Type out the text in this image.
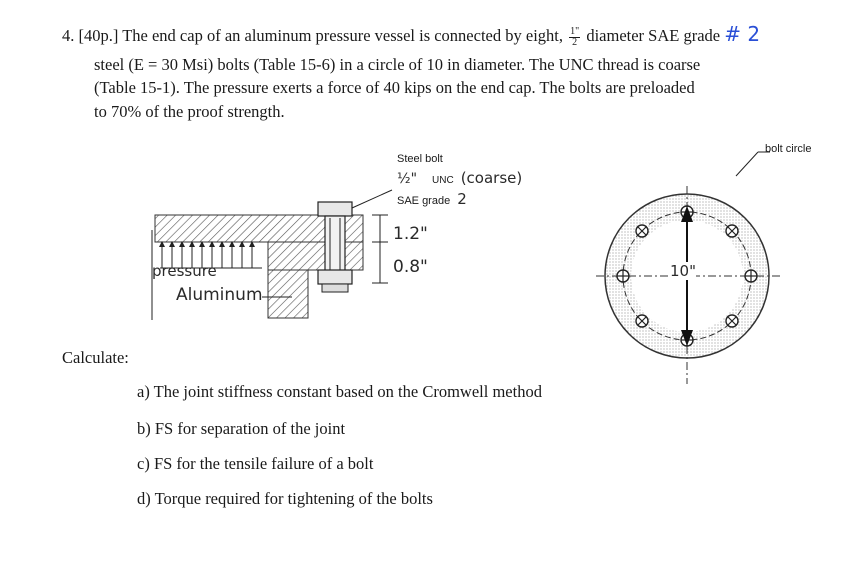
4. [40p.] The end cap of an aluminum pressure vessel is connected by eight, $\frac{1"}{2}$ diameter SAE grade # 2
steel (E = 30 Msi) bolts (Table 15-6) in a circle of 10 in diameter. The UNC thread is coarse
(Table 15-1). The pressure exerts a force of 40 kips on the end cap. The bolts are preloaded
to 70% of the proof strength.
Steel bolt
½" UNC (coarse)
SAE grade 2
1.2"
0.8"
pressure
Aluminum
bolt circle
10"
Calculate:
a) The joint stiffness constant based on the Cromwell method
b) FS for separation of the joint
c) FS for the tensile failure of a bolt
d) Torque required for tightening of the bolts
